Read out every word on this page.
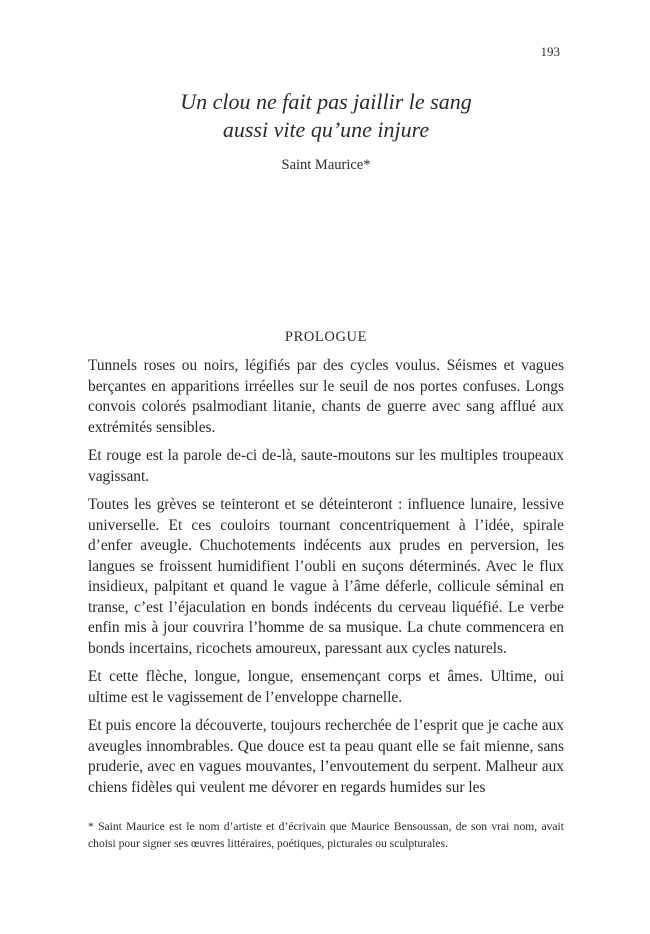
193
Un clou ne fait pas jaillir le sang
aussi vite qu’une injure
Saint Maurice*
PROLOGUE

Tunnels roses ou noirs, légifiés par des cycles voulus. Séismes et vagues berçantes en apparitions irréelles sur le seuil de nos portes confuses. Longs convois colorés psalmodiant litanie, chants de guerre avec sang afflué aux extrémités sensibles.

Et rouge est la parole de-ci de-là, saute-moutons sur les multiples troupeaux vagissant.

Toutes les grèves se teinteront et se déteinteront : influence lunaire, lessive universelle. Et ces couloirs tournant concentriquement à l’idée, spirale d’enfer aveugle. Chuchotements indécents aux prudes en perversion, les langues se froissent humidifient l’oubli en suçons déterminés. Avec le flux insidieux, palpitant et quand le vague à l’âme déferle, collicule séminal en transe, c’est l’éjaculation en bonds indécents du cerveau liquéfié. Le verbe enfin mis à jour couvrira l’homme de sa musique. La chute commencera en bonds incertains, ricochets amoureux, paressant aux cycles naturels.

Et cette flèche, longue, longue, ensemençant corps et âmes. Ultime, oui ultime est le vagissement de l’enveloppe charnelle.

Et puis encore la découverte, toujours recherchée de l’esprit que je cache aux aveugles innombrables. Que douce est ta peau quant elle se fait mienne, sans pruderie, avec en vagues mouvantes, l’envoutement du serpent. Malheur aux chiens fidèles qui veulent me dévorer en regards humides sur les

* Saint Maurice est le nom d’artiste et d’écrivain que Maurice Bensoussan, de son vrai nom, avait choisi pour signer ses œuvres littéraires, poétiques, picturales ou sculpturales.
